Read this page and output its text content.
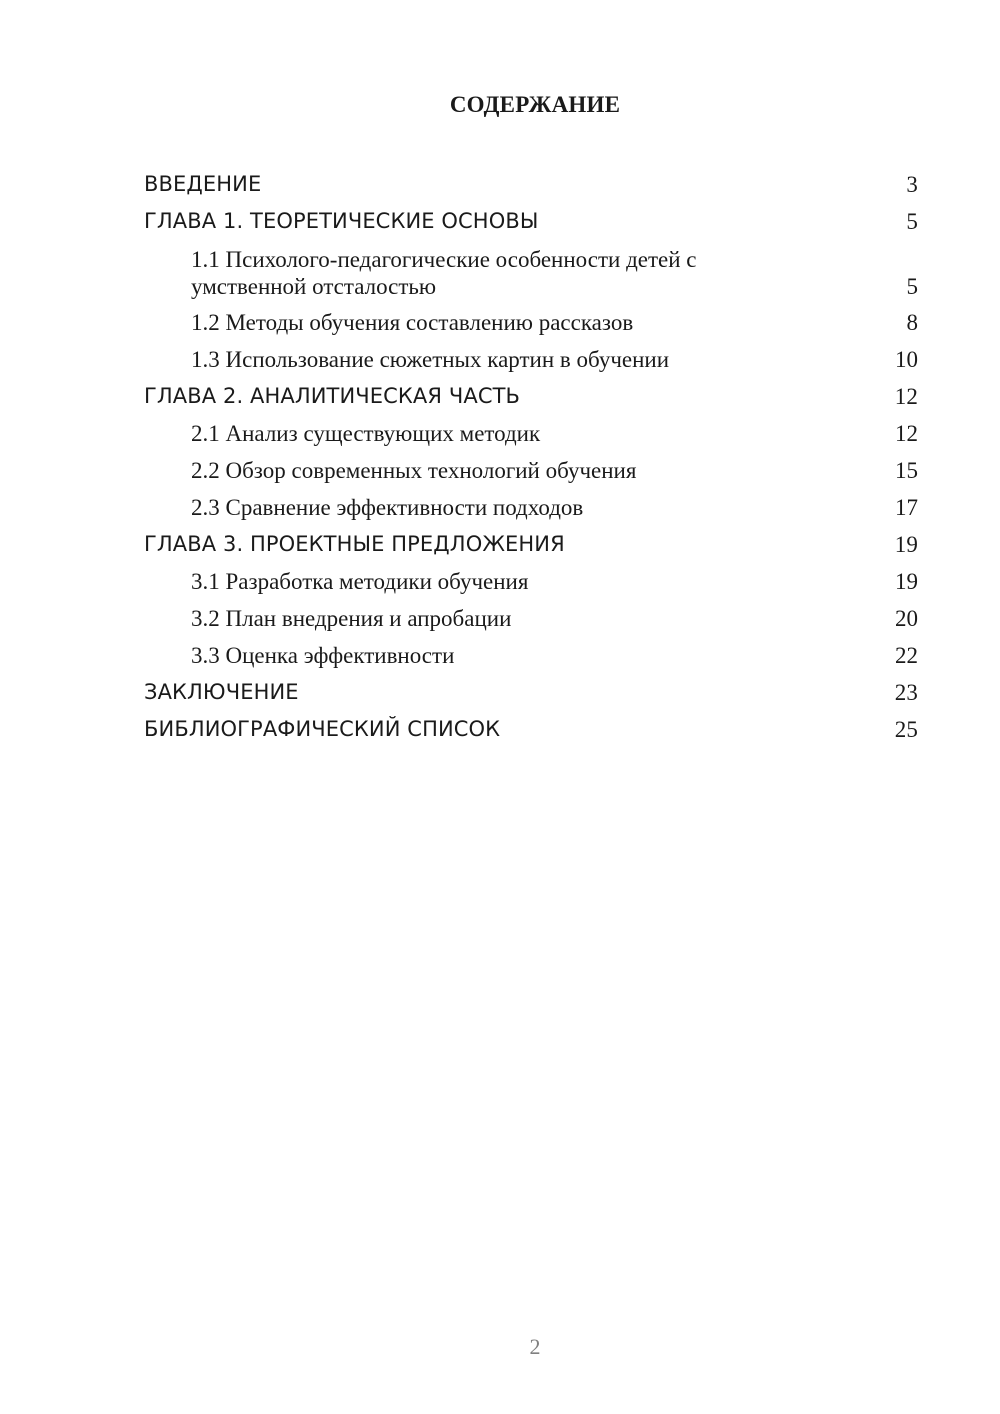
СОДЕРЖАНИЕ
ВВЕДЕНИЕ	3
ГЛАВА 1. ТЕОРЕТИЧЕСКИЕ ОСНОВЫ	5
1.1 Психолого-педагогические особенности детей с
умственной отсталостью	5
1.2 Методы обучения составлению рассказов	8
1.3 Использование сюжетных картин в обучении	10
ГЛАВА 2. АНАЛИТИЧЕСКАЯ ЧАСТЬ	12
2.1 Анализ существующих методик	12
2.2 Обзор современных технологий обучения	15
2.3 Сравнение эффективности подходов	17
ГЛАВА 3. ПРОЕКТНЫЕ ПРЕДЛОЖЕНИЯ	19
3.1 Разработка методики обучения	19
3.2 План внедрения и апробации	20
3.3 Оценка эффективности	22
ЗАКЛЮЧЕНИЕ	23
БИБЛИОГРАФИЧЕСКИЙ СПИСОК	25
2
